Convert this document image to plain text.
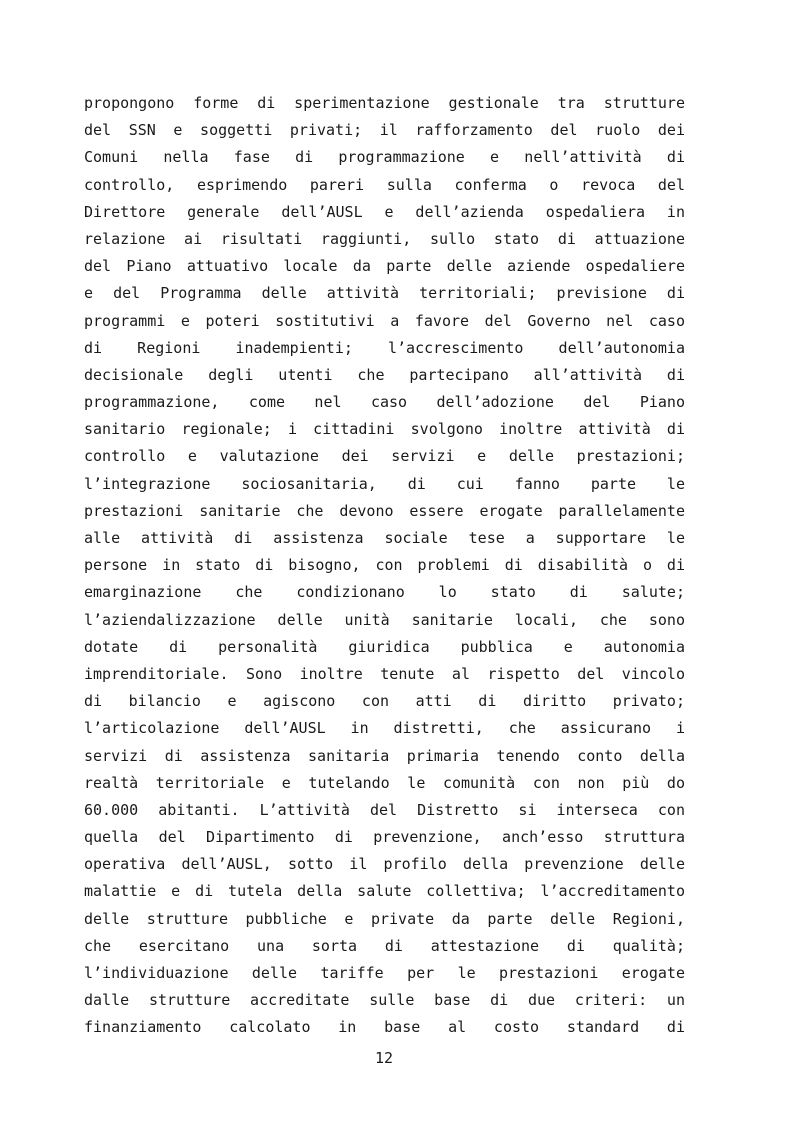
propongono forme di sperimentazione gestionale tra strutture
del SSN e soggetti privati; il rafforzamento del ruolo dei
Comuni nella fase di programmazione e nell’attività di
controllo, esprimendo pareri sulla conferma o revoca del
Direttore generale dell’AUSL e dell’azienda ospedaliera in
relazione ai risultati raggiunti, sullo stato di attuazione
del Piano attuativo locale da parte delle aziende ospedaliere
e del Programma delle attività territoriali; previsione di
programmi e poteri sostitutivi a favore del Governo nel caso
di Regioni inadempienti; l’accrescimento dell’autonomia
decisionale degli utenti che partecipano all’attività di
programmazione, come nel caso dell’adozione del Piano
sanitario regionale; i cittadini svolgono inoltre attività di
controllo e valutazione dei servizi e delle prestazioni;
l’integrazione sociosanitaria, di cui fanno parte le
prestazioni sanitarie che devono essere erogate parallelamente
alle attività di assistenza sociale tese a supportare le
persone in stato di bisogno, con problemi di disabilità o di
emarginazione che condizionano lo stato di salute;
l’aziendalizzazione delle unità sanitarie locali, che sono
dotate di personalità giuridica pubblica e autonomia
imprenditoriale. Sono inoltre tenute al rispetto del vincolo
di bilancio e agiscono con atti di diritto privato;
l’articolazione dell’AUSL in distretti, che assicurano i
servizi di assistenza sanitaria primaria tenendo conto della
realtà territoriale e tutelando le comunità con non più do
60.000 abitanti. L’attività del Distretto si interseca con
quella del Dipartimento di prevenzione, anch’esso struttura
operativa dell’AUSL, sotto il profilo della prevenzione delle
malattie e di tutela della salute collettiva; l’accreditamento
delle strutture pubbliche e private da parte delle Regioni,
che esercitano una sorta di attestazione di qualità;
l’individuazione delle tariffe per le prestazioni erogate
dalle strutture accreditate sulle base di due criteri: un
finanziamento calcolato in base al costo standard di
12
